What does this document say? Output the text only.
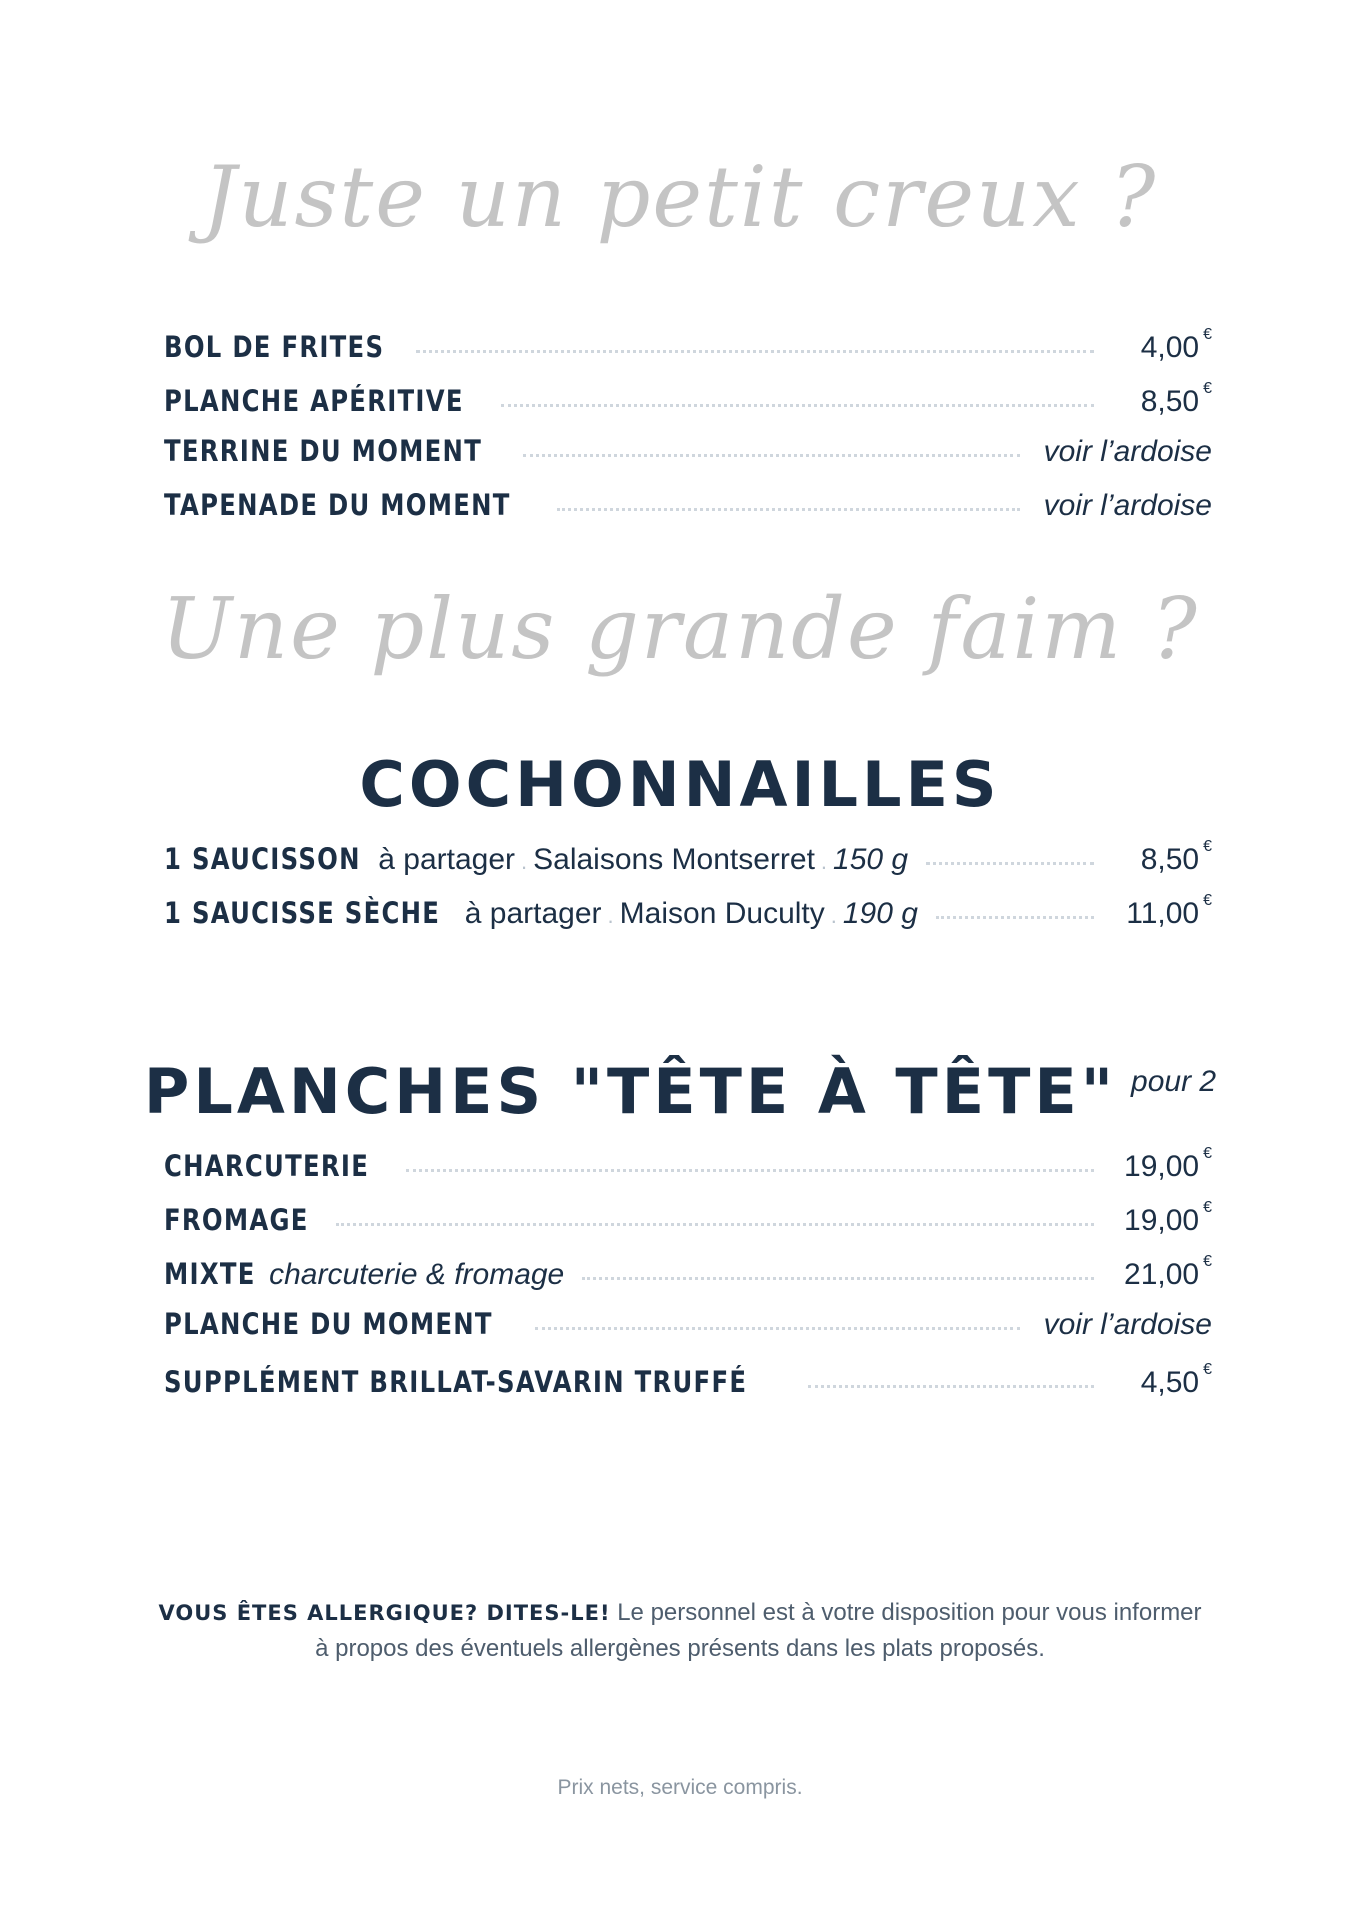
Juste un petit creux ?
BOL DE FRITES	4,00 €
PLANCHE APÉRITIVE	8,50 €
TERRINE DU MOMENT	voir l’ardoise
TAPENADE DU MOMENT	voir l’ardoise
Une plus grande faim ?
COCHONNAILLES
1 SAUCISSON à partager . Salaisons Montserret . 150 g	8,50 €
1 SAUCISSE SÈCHE à partager . Maison Duculty . 190 g	11,00 €
PLANCHES "TÊTE À TÊTE" $^{pour 2}$
CHARCUTERIE	19,00 €
FROMAGE	19,00 €
MIXTE charcuterie & fromage	21,00 €
PLANCHE DU MOMENT	voir l’ardoise
SUPPLÉMENT BRILLAT-SAVARIN TRUFFÉ	4,50 €
VOUS ÊTES ALLERGIQUE? DITES-LE! Le personnel est à votre disposition pour vous informer
à propos des éventuels allergènes présents dans les plats proposés.
Prix nets, service compris.
